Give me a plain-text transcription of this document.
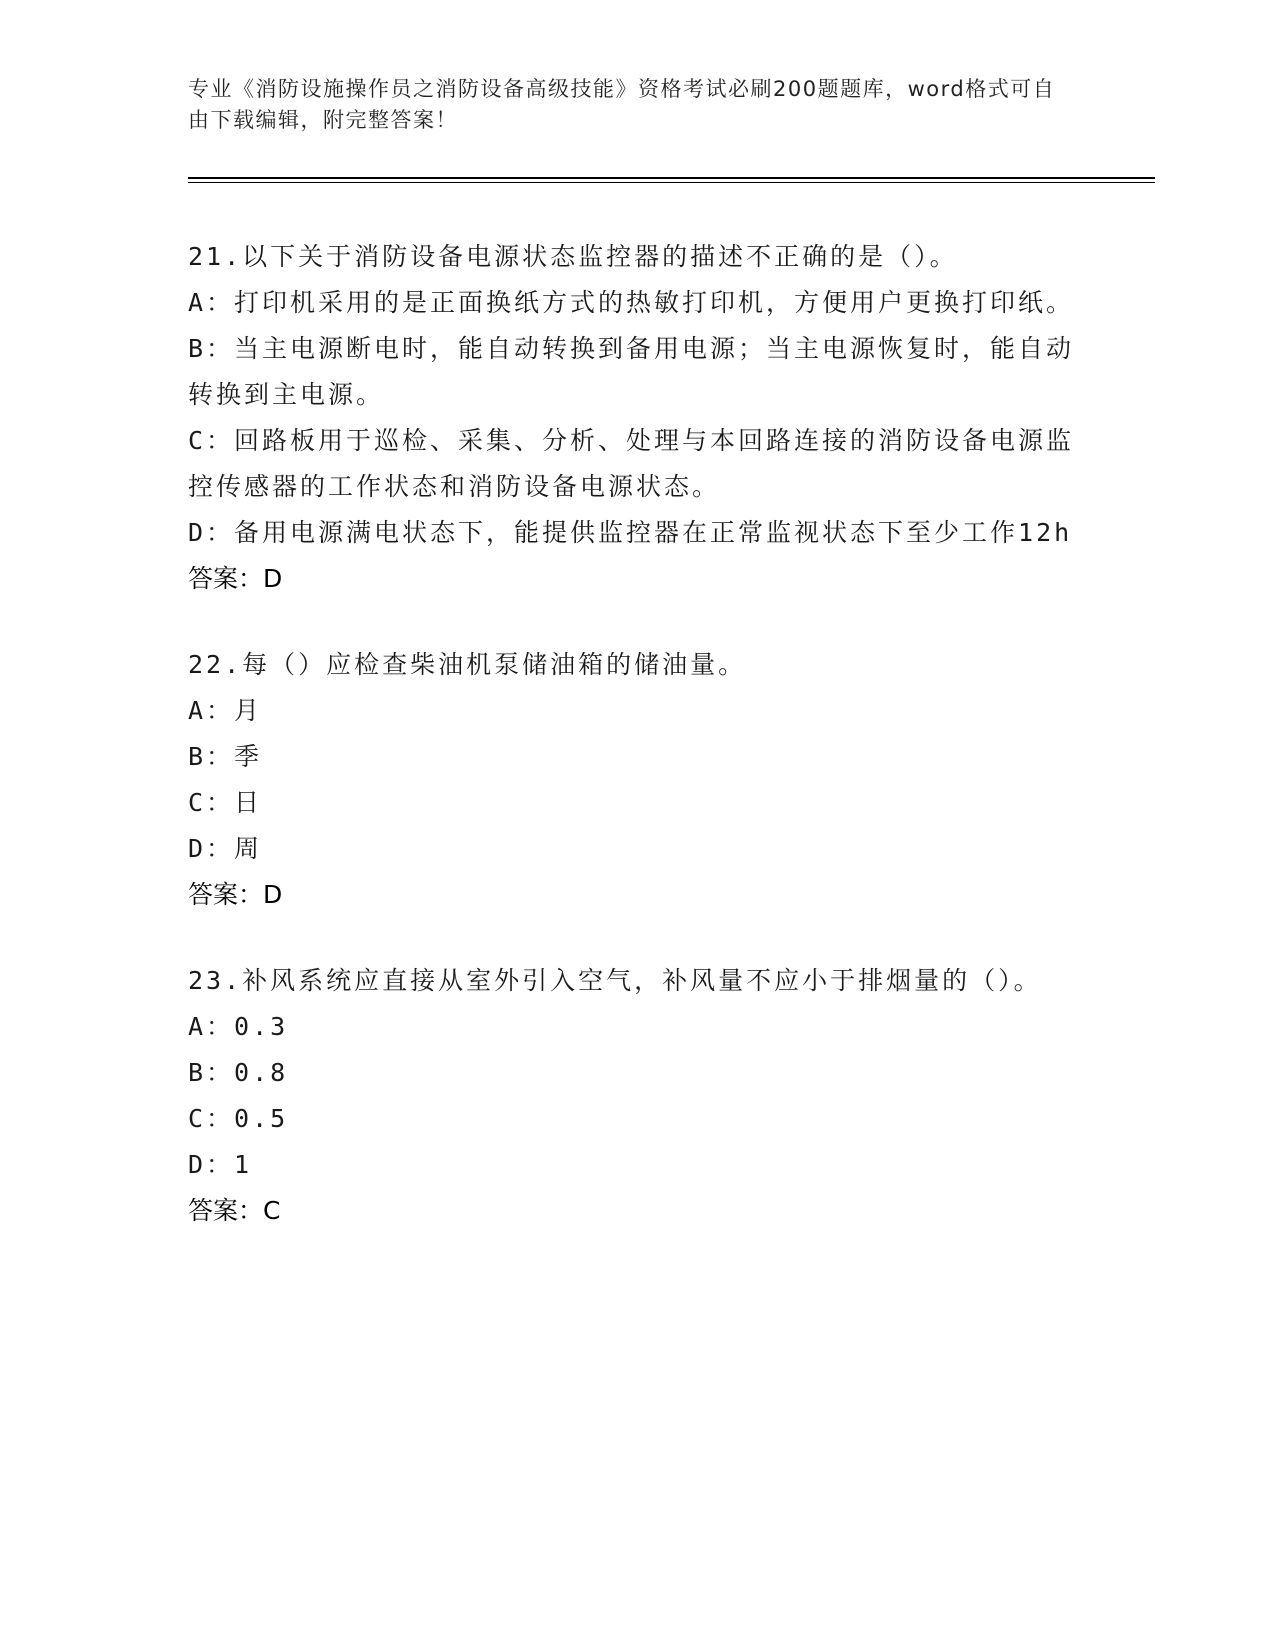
专业《消防设施操作员之消防设备高级技能》资格考试必刷200题题库，word格式可自由下载编辑，附完整答案！

21.以下关于消防设备电源状态监控器的描述不正确的是（）。

A：打印机采用的是正面换纸方式的热敏打印机，方便用户更换打印纸。

B：当主电源断电时，能自动转换到备用电源；当主电源恢复时，能自动转换到主电源。

C：回路板用于巡检、采集、分析、处理与本回路连接的消防设备电源监控传感器的工作状态和消防设备电源状态。

D：备用电源满电状态下，能提供监控器在正常监视状态下至少工作12h

答案：D

22.每（）应检查柴油机泵储油箱的储油量。

A：月

B：季

C：日

D：周

答案：D

23.补风系统应直接从室外引入空气，补风量不应小于排烟量的（）。

A：0.3

B：0.8

C：0.5

D：1

答案：C
